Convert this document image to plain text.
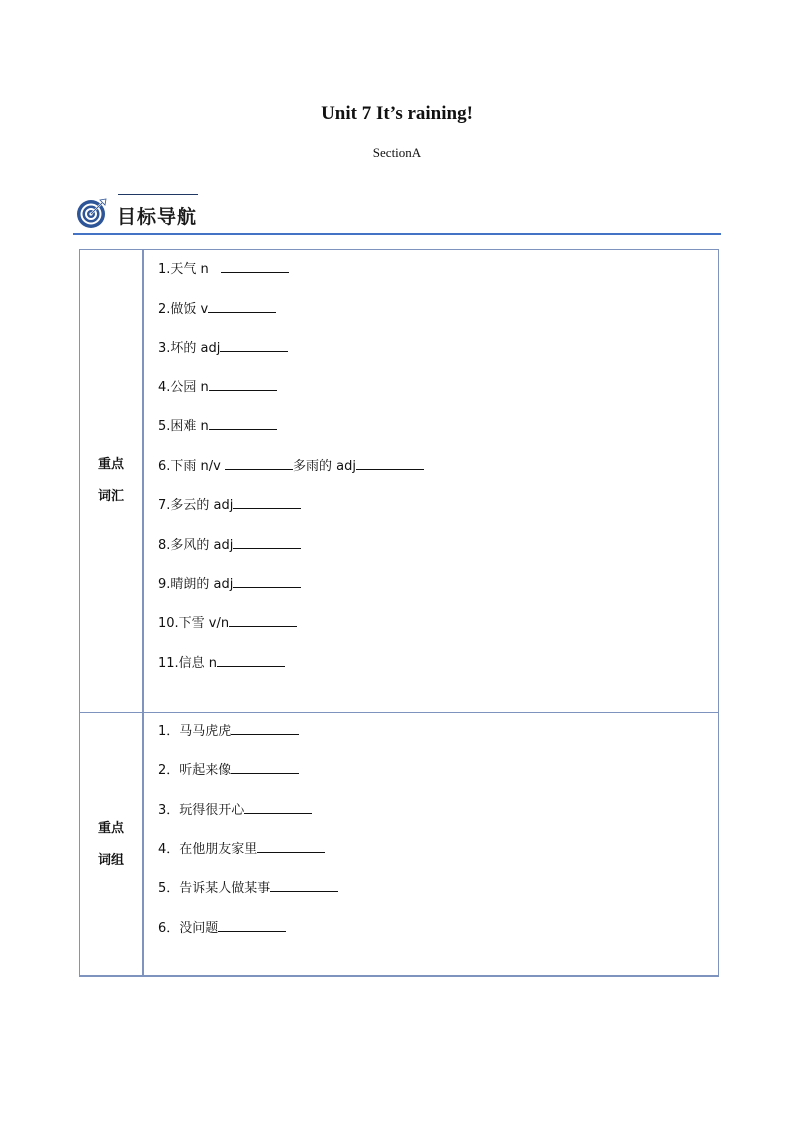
Unit 7 It’s raining!
SectionA
目标导航
重点
词汇
1.天气 n
2.做饭 v
3.坏的 adj
4.公园 n
5.困难 n
6.下雨 n/v	多雨的 adj
7.多云的 adj
8.多风的 adj
9.晴朗的 adj
10.下雪 v/n
11.信息 n
重点
词组
1．马马虎虎
2．听起来像
3．玩得很开心
4．在他朋友家里
5．告诉某人做某事
6．没问题
